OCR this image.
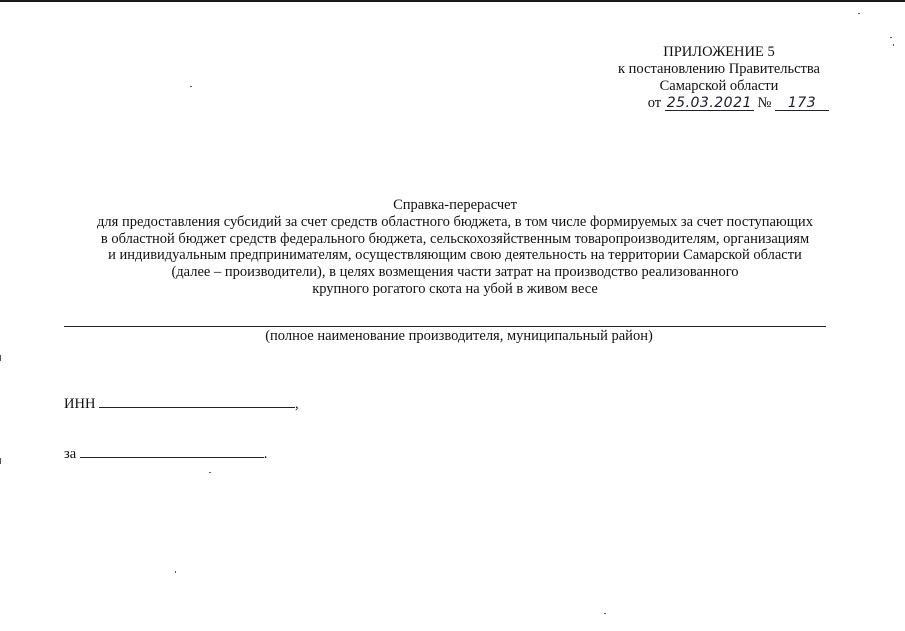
ПРИЛОЖЕНИЕ 5
к постановлению Правительства
Самарской области
от 25.03.2021 № 173
Справка-перерасчет
для предоставления субсидий за счет средств областного бюджета, в том числе формируемых за счет поступающих
в областной бюджет средств федерального бюджета, сельскохозяйственным товаропроизводителям, организациям
и индивидуальным предпринимателям, осуществляющим свою деятельность на территории Самарской области
(далее – производители), в целях возмещения части затрат на производство реализованного
крупного рогатого скота на убой в живом весе
(полное наименование производителя, муниципальный район)
ИНН	,
за	.
